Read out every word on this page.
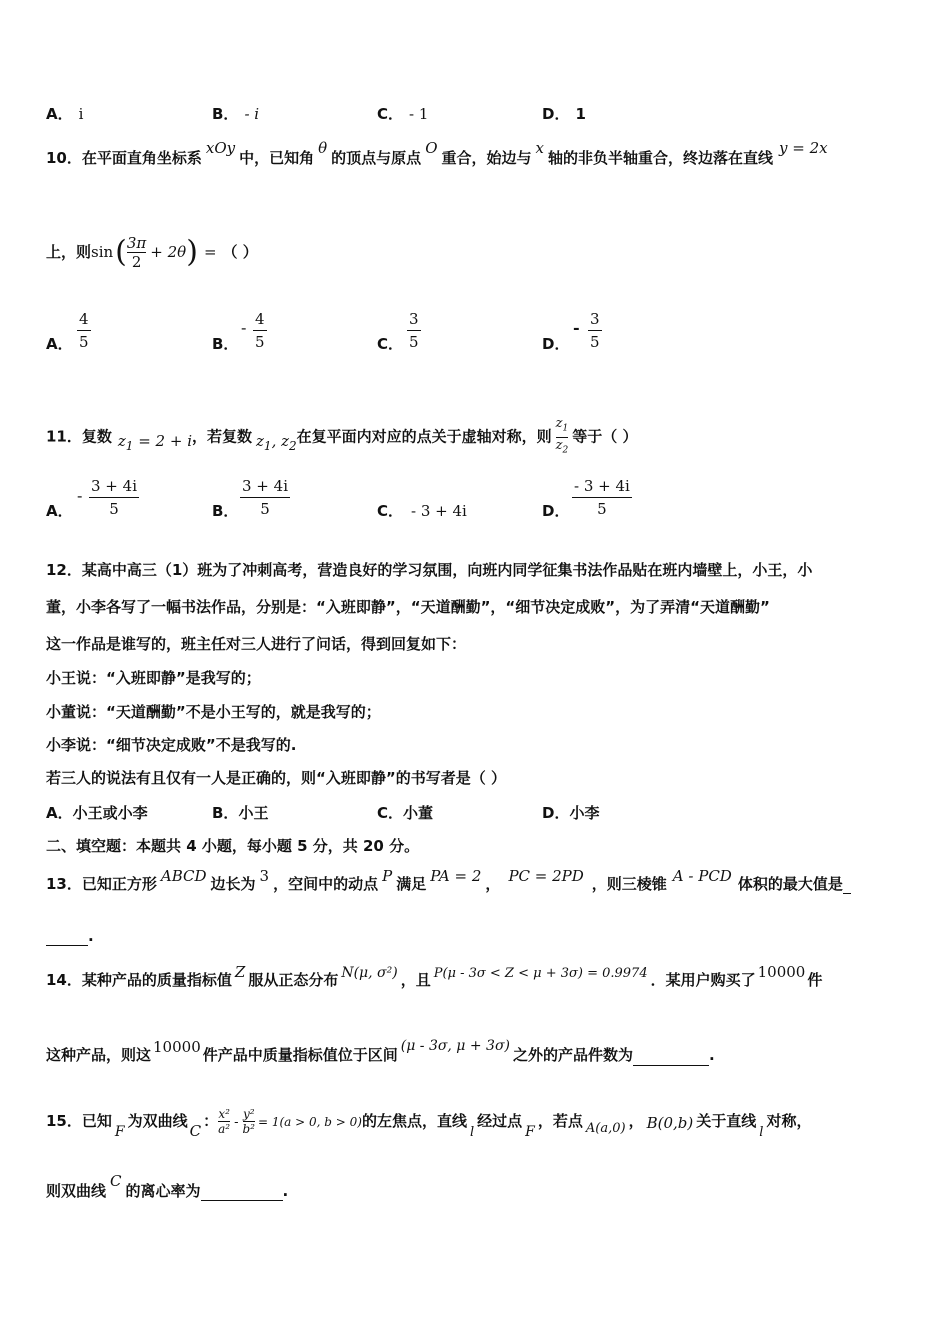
A． i	B． - i	C． - 1	D． 1
10．在平面直角坐标系xOy中，已知角θ的顶点与原点O重合，始边与x轴的非负半轴重合，终边落在直线y = 2x
上，则$\sin( \frac{3\pi}{2} + 2\theta)$ = （ ）
A．
4
5	B．
- 4
5	C．
3
5	D．
- 3
5
11．复数 $z_1 = 2 + i$，若复数 $z_1$, $z_2$在复平面内对应的点关于虚轴对称，则 $\frac{z_1}{z_2}$ 等于（ ）
A．
- 3 + 4i
5	B．
3 + 4i
5	C． - 3 + 4i	D．
- 3 + 4i
5
12．某高中高三（1）班为了冲刺高考，营造良好的学习氛围，向班内同学征集书法作品贴在班内墙壁上，小王，小
董，小李各写了一幅书法作品，分别是：“入班即静”，“天道酬勤”，“细节决定成败”，为了弄清“天道酬勤”
这一作品是谁写的，班主任对三人进行了问话，得到回复如下：
小王说：“入班即静”是我写的；
小董说：“天道酬勤”不是小王写的，就是我写的；
小李说：“细节决定成败”不是我写的.
若三人的说法有且仅有一人是正确的，则“入班即静”的书写者是（ ）
A．小王或小李	B．小王	C．小董	D．小李
二、填空题：本题共 4 小题，每小题 5 分，共 20 分。
13．已知正方形 ABCD 边长为 3 ，空间中的动点 P 满足 PA = 2 ， PC = 2PD ，则三棱锥 A - PCD 体积的最大值是
.
14．某种产品的质量指标值 Z 服从正态分布 N(μ, σ²) ，且 P(μ - 3σ < Z < μ + 3σ) = 0.9974 ．某用户购买了 10000 件
这种产品，则这 10000 件产品中质量指标值位于区间 (μ - 3σ, μ + 3σ) 之外的产品件数为	.
15．已知F为双曲线C： $\frac{\text{x²}}{\text{a²}} - \frac{\text{y²}}{\text{b²}} = 1(a > 0$, b > 0)的左焦点，直线l经过点F，若点 A(a,0) ， B(0,b) 关于直线l对称，
则双曲线C的离心率为	.
